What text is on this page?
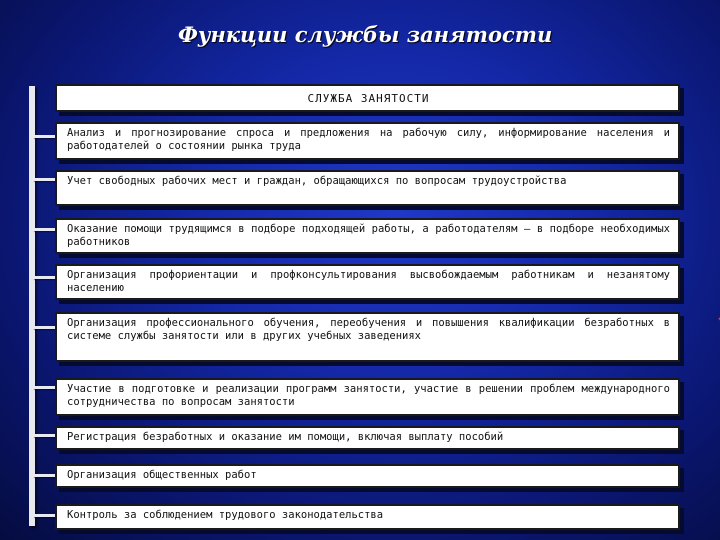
Функции службы занятости
СЛУЖБА ЗАНЯТОСТИ
Анализ и прогнозирование спроса и предложения на рабочую силу, информирование населения и работодателей о состоянии рынка труда
Учет свободных рабочих мест и граждан, обращающихся по вопросам трудоустройства
Оказание помощи трудящимся в подборе подходящей работы, а работодателям – в подборе необходимых работников
Организация профориентации и профконсультирования высвобождаемым работникам и незанятому населению
Организация профессионального обучения, переобучения и повышения квалификации безработных в системе службы занятости или в других учебных заведениях
Участие в подготовке и реализации программ занятости, участие в решении проблем международного сотрудничества по вопросам занятости
Регистрация безработных и оказание им помощи, включая выплату пособий
Организация общественных работ
Контроль за соблюдением трудового законодательства
